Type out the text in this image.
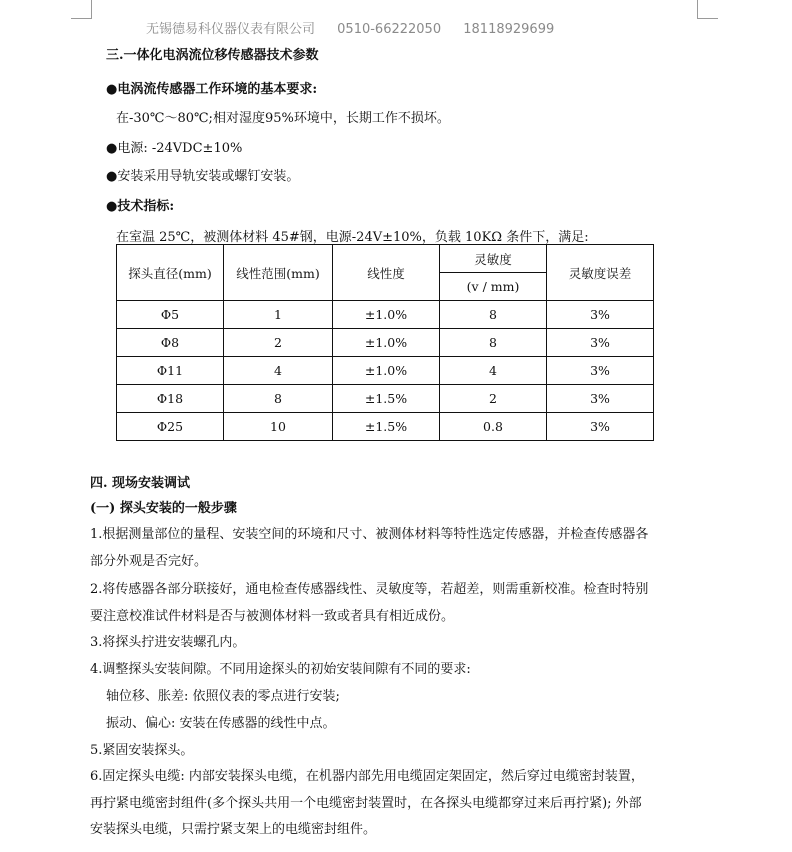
无锡德易科仪器仪表有限公司 0510-66222050 18118929699
三.一体化电涡流位移传感器技术参数
●电涡流传感器工作环境的基本要求:
在-30℃～80℃;相对湿度95%环境中，长期工作不损坏。
●电源: -24VDC±10%
●安装采用导轨安装或螺钉安装。
●技术指标:
在室温 25℃，被测体材料 45#钢，电源-24V±10%，负载 10KΩ 条件下，满足:
探头直径(mm)	线性范围(mm)	线性度	灵敏度	灵敏度误差
			(v / mm)	
Φ5	1	±1.0%	8	3%
Φ8	2	±1.0%	8	3%
Φ11	4	±1.0%	4	3%
Φ18	8	±1.5%	2	3%
Φ25	10	±1.5%	0.8	3%
四. 现场安装调试
(一) 探头安装的一般步骤
1.根据测量部位的量程、安装空间的环境和尺寸、被测体材料等特性选定传感器，并检查传感器各
部分外观是否完好。
2.将传感器各部分联接好，通电检查传感器线性、灵敏度等，若超差，则需重新校准。检查时特别
要注意校准试件材料是否与被测体材料一致或者具有相近成份。
3.将探头拧进安装螺孔内。
4.调整探头安装间隙。不同用途探头的初始安装间隙有不同的要求:
轴位移、胀差: 依照仪表的零点进行安装;
振动、偏心: 安装在传感器的线性中点。
5.紧固安装探头。
6.固定探头电缆: 内部安装探头电缆，在机器内部先用电缆固定架固定，然后穿过电缆密封装置，
再拧紧电缆密封组件(多个探头共用一个电缆密封装置时，在各探头电缆都穿过来后再拧紧); 外部
安装探头电缆，只需拧紧支架上的电缆密封组件。
